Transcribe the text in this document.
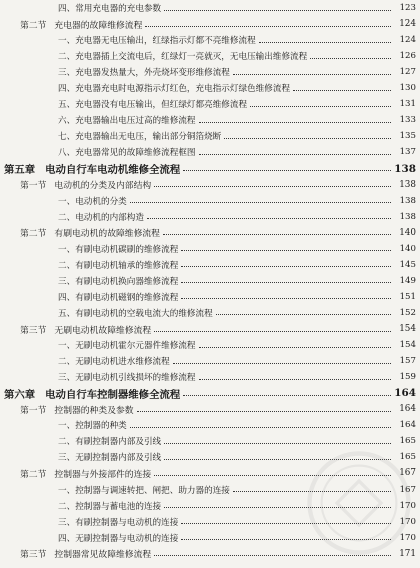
四、常用充电器的充电参数	123
第二节 充电器的故障维修流程	124
一、充电器无电压输出，红绿指示灯都不亮维修流程	124
二、充电器插上交流电后，红绿灯一亮就灭，无电压输出维修流程	126
三、充电器发热量大，外壳烧坏变形维修流程	127
四、充电器充电时电源指示灯红色，充电指示灯绿色维修流程	130
五、充电器没有电压输出，但红绿灯都亮维修流程	131
六、充电器输出电压过高的维修流程	133
七、充电器输出无电压，输出部分铜箔烧断	135
八、充电器常见的故障维修流程框图	137
第五章 电动自行车电动机维修全流程	138
第一节 电动机的分类及内部结构	138
一、电动机的分类	138
二、电动机的内部构造	138
第二节 有刷电动机的故障维修流程	140
一、有刷电动机碳刷的维修流程	140
二、有刷电动机轴承的维修流程	145
三、有刷电动机换向器维修流程	149
四、有刷电动机磁钢的维修流程	151
五、有刷电动机的空载电流大的维修流程	152
第三节 无刷电动机故障维修流程	154
一、无刷电动机霍尔元器件维修流程	154
二、无刷电动机进水维修流程	157
三、无刷电动机引线损坏的维修流程	159
第六章 电动自行车控制器维修全流程	164
第一节 控制器的种类及参数	164
一、控制器的种类	164
二、有刷控制器内部及引线	165
三、无刷控制器内部及引线	165
第二节 控制器与外接部件的连接	167
一、控制器与调速转把、闸把、助力器的连接	167
二、控制器与蓄电池的连接	170
三、有刷控制器与电动机的连接	170
四、无刷控制器与电动机的连接	170
第三节 控制器常见故障维修流程	171
